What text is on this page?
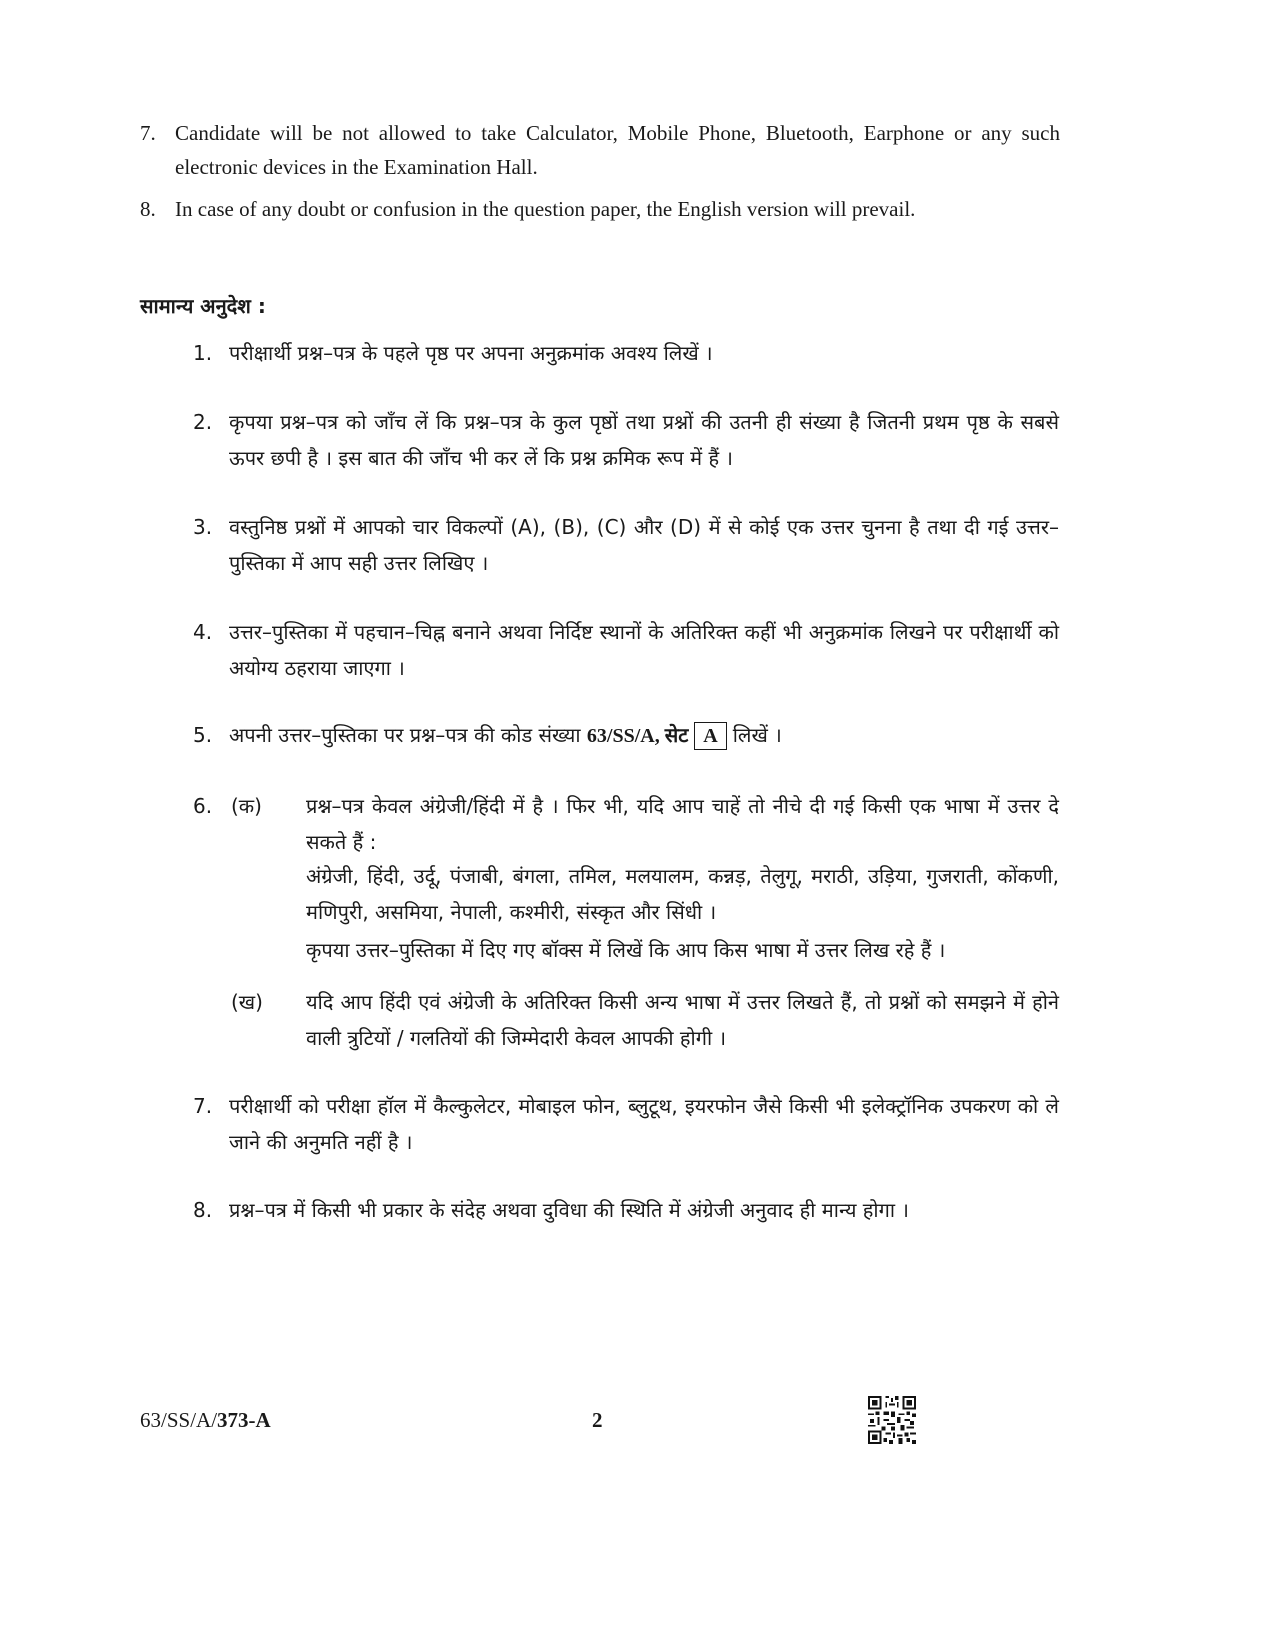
7. Candidate will be not allowed to take Calculator, Mobile Phone, Bluetooth, Earphone or any such electronic devices in the Examination Hall.
8. In case of any doubt or confusion in the question paper, the English version will prevail.
सामान्य अनुदेश :
1. परीक्षार्थी प्रश्न–पत्र के पहले पृष्ठ पर अपना अनुक्रमांक अवश्य लिखें ।
2. कृपया प्रश्न–पत्र को जाँच लें कि प्रश्न–पत्र के कुल पृष्ठों तथा प्रश्नों की उतनी ही संख्या है जितनी प्रथम पृष्ठ के सबसे ऊपर छपी है । इस बात की जाँच भी कर लें कि प्रश्न क्रमिक रूप में हैं ।
3. वस्तुनिष्ठ प्रश्नों में आपको चार विकल्पों (A), (B), (C) और (D) में से कोई एक उत्तर चुनना है तथा दी गई उत्तर–पुस्तिका में आप सही उत्तर लिखिए ।
4. उत्तर–पुस्तिका में पहचान–चिह्न बनाने अथवा निर्दिष्ट स्थानों के अतिरिक्त कहीं भी अनुक्रमांक लिखने पर परीक्षार्थी को अयोग्य ठहराया जाएगा ।
5. अपनी उत्तर–पुस्तिका पर प्रश्न–पत्र की कोड संख्या 63/SS/A, सेट A लिखें ।
6. (क) प्रश्न–पत्र केवल अंग्रेजी/हिंदी में है । फिर भी, यदि आप चाहें तो नीचे दी गई किसी एक भाषा में उत्तर दे सकते हैं :
अंग्रेजी, हिंदी, उर्दू, पंजाबी, बंगला, तमिल, मलयालम, कन्नड़, तेलुगू, मराठी, उड़िया, गुजराती, कोंकणी, मणिपुरी, असमिया, नेपाली, कश्मीरी, संस्कृत और सिंधी ।
कृपया उत्तर–पुस्तिका में दिए गए बॉक्स में लिखें कि आप किस भाषा में उत्तर लिख रहे हैं ।
(ख) यदि आप हिंदी एवं अंग्रेजी के अतिरिक्त किसी अन्य भाषा में उत्तर लिखते हैं, तो प्रश्नों को समझने में होने वाली त्रुटियों / गलतियों की जिम्मेदारी केवल आपकी होगी ।
7. परीक्षार्थी को परीक्षा हॉल में कैल्कुलेटर, मोबाइल फोन, ब्लुटूथ, इयरफोन जैसे किसी भी इलेक्ट्रॉनिक उपकरण को ले जाने की अनुमति नहीं है ।
8. प्रश्न–पत्र में किसी भी प्रकार के संदेह अथवा दुविधा की स्थिति में अंग्रेजी अनुवाद ही मान्य होगा ।
63/SS/A/373-A	2
